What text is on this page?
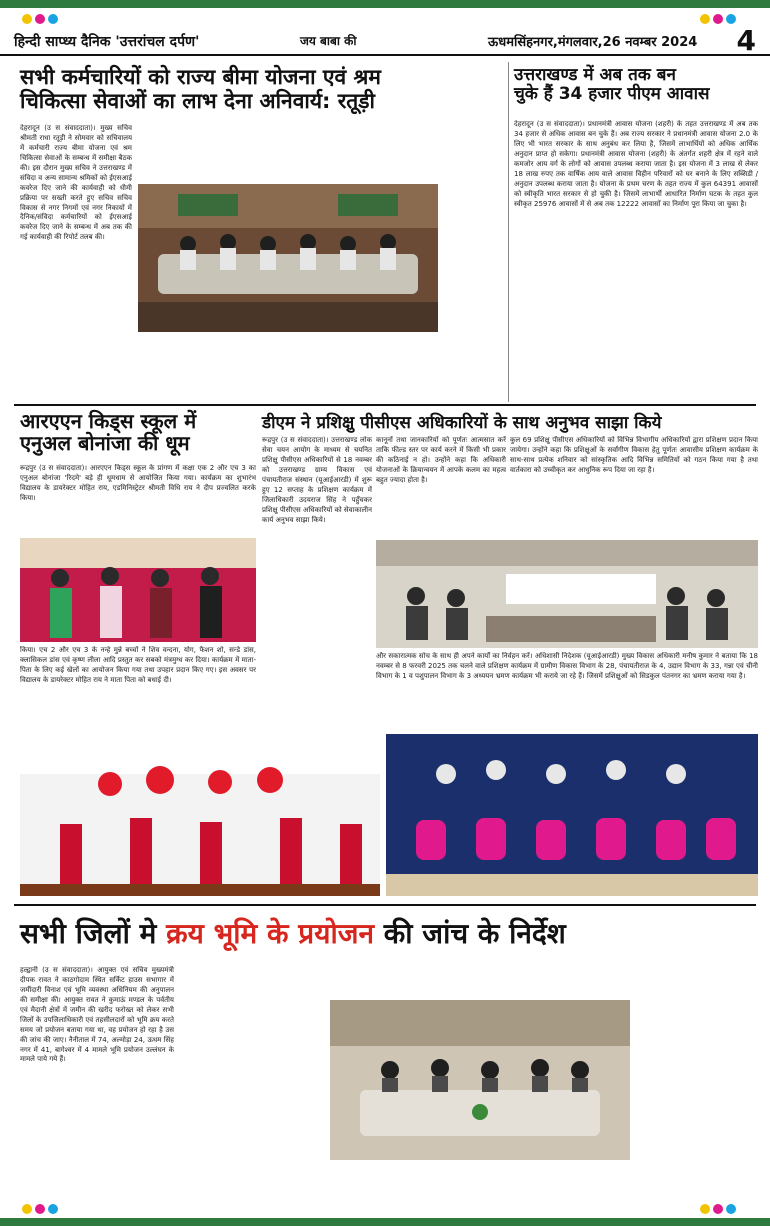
हिन्दी साप्ध्य दैनिक 'उत्तरांचल दर्पण'	जय बाबा की	ऊधमसिंहनगर,मंगलवार,26 नवम्बर 2024 4
सभी कर्मचारियों को राज्य बीमा योजना एवं श्रम
चिकित्सा सेवाओं का लाभ देना अनिवार्य: रतूड़ी
देहरादून (उ स संवाददाता)। मुख्य सचिव श्रीमती राधा रतूड़ी ने सोमवार को सचिवालय में कर्मचारी राज्य बीमा योजना एवं श्रम चिकित्सा सेवाओं के सम्बन्ध में समीक्षा बैठक की। इस दौरान मुख्य सचिव ने उत्तराखण्ड में संविदा व अन्य सामान्य श्रमिकों को ईएसआई कवरेज दिए जाने की कार्यवाही को धीमी प्रक्रिया पर सख्ती करते हुए सचिव सचिव विकास से नगर निगमों एवं नगर निकायों में दैनिक/संविदा कर्मचारियों को ईएसआई कवरेज दिए जाने के सम्बन्ध में अब तक की गई कार्यवाही की रिपोर्ट तलब की।
उत्तराखण्ड में अब तक बन
चुके हैं 34 हजार पीएम आवास
देहरादून (उ स संवाददाता)। प्रधानमंत्री आवास योजना (शहरी) के तहत उत्तराखण्ड में अब तक 34 हजार से अधिक आवास बन चुके हैं। अब राज्य सरकार ने प्रधानमंत्री आवास योजना 2.0 के लिए भी भारत सरकार के साथ अनुबंध कर लिया है, जिसमें लाभार्थियों को अधिक आर्थिक अनुदान प्राप्त हो सकेगा। प्रधानमंत्री आवास योजना (शहरी) के अंतर्गत शहरी क्षेत्र में रहने वाले कमजोर आय वर्ग के लोगों को आवास उपलब्ध कराया जाता है। इस योजना में 3 लाख से लेकर 18 लाख रुपए तक वार्षिक आय वाले आवास विहीन परिवारों को घर बनाने के लिए सब्सिडी / अनुदान उपलब्ध कराया जाता है। योजना के प्रथम चरण के तहत राज्य में कुल 64391 आवासों को स्वीकृति भारत सरकार से हो चुकी है। जिसमें लाभार्थी आधारित निर्माण घटक के तहत कुल स्वीकृत 25976 आवासों में से अब तक 12222 आवासों का निर्माण पूरा किया जा चुका है।
आरएएन किड्स स्कूल में
एनुअल बोनांजा की धूम
रूद्रपुर (उ स संवाददाता)। आरएएन किड्स स्कूल के प्रांगण में कक्षा एक 2 और एच 3 का एनुअल बोनांजा 'रिदमे' बड़े ही धूमधाम से आयोजित किया गया। कार्यक्रम का शुभारंभ विद्यालय के डायरेक्टर मोहित राय, एडमिनिस्ट्रेटर श्रीमती विधि राय ने दीप प्रज्वलित करके किया।
किया। एच 2 और एच 3 के नन्हे मुन्ने बच्चों ने शिव वन्दना, योग, फैशन शो, सन्डे डांस, क्लासिकल डांस एवं कृष्ण लीला आदि प्रस्तुत कर सबको मंत्रमुग्ध कर दिया। कार्यक्रम में माता-पिता के लिए कई खेलों का आयोजन किया गया तथा उपहार प्रदान किए गए। इस अवसर पर विद्यालय के डायरेक्टर मोहित राय ने माता पिता को बधाई दी।
डीएम ने प्रशिक्षु पीसीएस अधिकारियों के साथ अनुभव साझा किये
रूद्रपुर (उ स संवाददाता)। उत्तराखण्ड लोक सेवा चयन आयोग के माध्यम से चयनित प्रशिक्षु पीसीएस अधिकारियों से 18 नवम्बर को उत्तराखण्ड ग्राम्य विकास एवं पंचायतीराज संस्थान (यूआईआरडी) में शुरू हुए 12 सप्ताह के प्रशिक्षण कार्यक्रम में जिलाधिकारी उदयराज सिंह ने पहुँचकर प्रशिक्षु पीसीएस अधिकारियों को सेवाकालीन कार्य अनुभव साझा किये।
कानूनों तथा जानकारियों को पूर्णतः आत्मसात करें ताकि फील्ड स्तर पर कार्य करने में किसी भी प्रकार की कठिनाई न हो। उन्होंने कहा कि अधिकारी योजनाओं के क्रियान्वयन में आपके कलम का महत्व बहुत ज्यादा होता है।
कुल 69 प्रशिक्षु पीसीएस अधिकारियों को विभिन्न विभागीय अधिकारियों द्वारा प्रशिक्षण प्रदान किया जायेगा। उन्होंने कहा कि प्रशिक्षुओं के सर्वांगीण विकास हेतु पूर्णतः आवासीय प्रशिक्षण कार्यक्रम के साथ-साथ प्रत्येक शनिवार को सांस्कृतिक आदि विभिन्न समितियों को गठन किया गया है तथा वार्तकारा को उच्चीकृत कर आधुनिक रूप दिया जा रहा है।
और सकारात्मक सोच के साथ ही अपने कार्यों का निर्वहन करें। अधिशासी निदेशक (यूआईआरडी) मुख्य विकास अधिकारी मनीष कुमार ने बताया कि 18 नवम्बर से 8 फरवरी 2025 तक चलने वाले प्रशिक्षण कार्यक्रम में ग्रामीण विकास विभाग के 28, पंचायतीराज के 4, उद्यान विभाग के 33, गन्ना एवं चीनी विभाग के 1 व पशुपालन विभाग के 3 अध्ययन भ्रमण कार्यक्रम भी कराये जा रहे हैं। जिसमें प्रशिक्षुओं को सिडकुल पंतनगर का भ्रमण कराया गया है।
सभी जिलों मे क्रय भूमि के प्रयोजन की जांच के निर्देश
हल्द्वानी (उ स संवाददाता)। आयुक्त एवं सचिव मुख्यमंत्री दीपक रावत ने काठगोदाम स्थित सर्किट हाउस सभागार में जमींदारी विनाश एवं भूमि व्यवस्था अधिनियम की अनुपालन की समीक्षा की। आयुक्त रावत ने कुमाऊं मण्डल के पर्वतीय एवं मैदानी क्षेत्रों में जमीन की खरीद फरोख्त को लेकर सभी जिलों के उपजिलाधिकारी एवं तहसीलदारों को भूमि क्रय करते समय जो प्रयोजन बताया गया था, वह प्रयोजन हो रहा है उस की जांच की जाए। नैनीताल में 74, अल्मोड़ा 24, ऊधम सिंह नगर में 41, बागेश्वर में 4 मामले भूमि प्रयोजन उल्लंघन के मामले पाये गये हैं।
